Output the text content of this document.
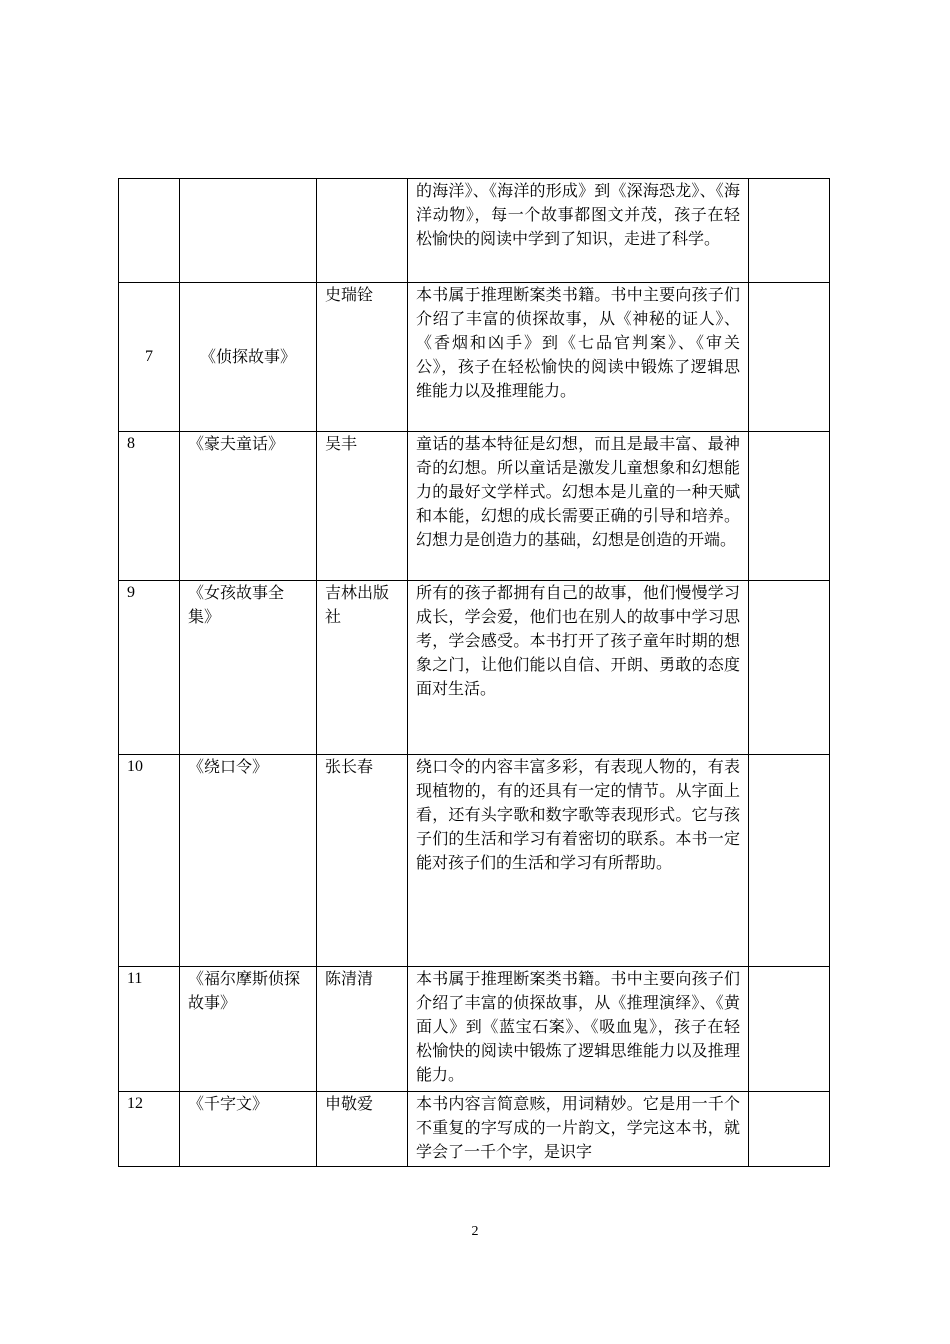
			的海洋》、《海洋的形成》到《深海恐龙》、《海洋动物》，每一个故事都图文并茂，孩子在轻松愉快的阅读中学到了知识，走进了科学。	
7	《侦探故事》	史瑞铨	本书属于推理断案类书籍。书中主要向孩子们介绍了丰富的侦探故事，从《神秘的证人》、《香烟和凶手》到《七品官判案》、《审关公》，孩子在轻松愉快的阅读中锻炼了逻辑思维能力以及推理能力。	
8	《豪夫童话》	吴丰	童话的基本特征是幻想，而且是最丰富、最神奇的幻想。所以童话是激发儿童想象和幻想能力的最好文学样式。幻想本是儿童的一种天赋和本能，幻想的成长需要正确的引导和培养。幻想力是创造力的基础，幻想是创造的开端。	
9	《女孩故事全集》	吉林出版社	所有的孩子都拥有自己的故事，他们慢慢学习成长，学会爱，他们也在别人的故事中学习思考，学会感受。本书打开了孩子童年时期的想象之门，让他们能以自信、开朗、勇敢的态度面对生活。	
10	《绕口令》	张长春	绕口令的内容丰富多彩，有表现人物的，有表现植物的，有的还具有一定的情节。从字面上看，还有头字歌和数字歌等表现形式。它与孩子们的生活和学习有着密切的联系。本书一定能对孩子们的生活和学习有所帮助。	
11	《福尔摩斯侦探故事》	陈清清	本书属于推理断案类书籍。书中主要向孩子们介绍了丰富的侦探故事，从《推理演绎》、《黄面人》到《蓝宝石案》、《吸血鬼》，孩子在轻松愉快的阅读中锻炼了逻辑思维能力以及推理能力。	
12	《千字文》	申敬爱	本书内容言简意赅，用词精妙。它是用一千个不重复的字写成的一片韵文，学完这本书，就学会了一千个字，是识字	
2
